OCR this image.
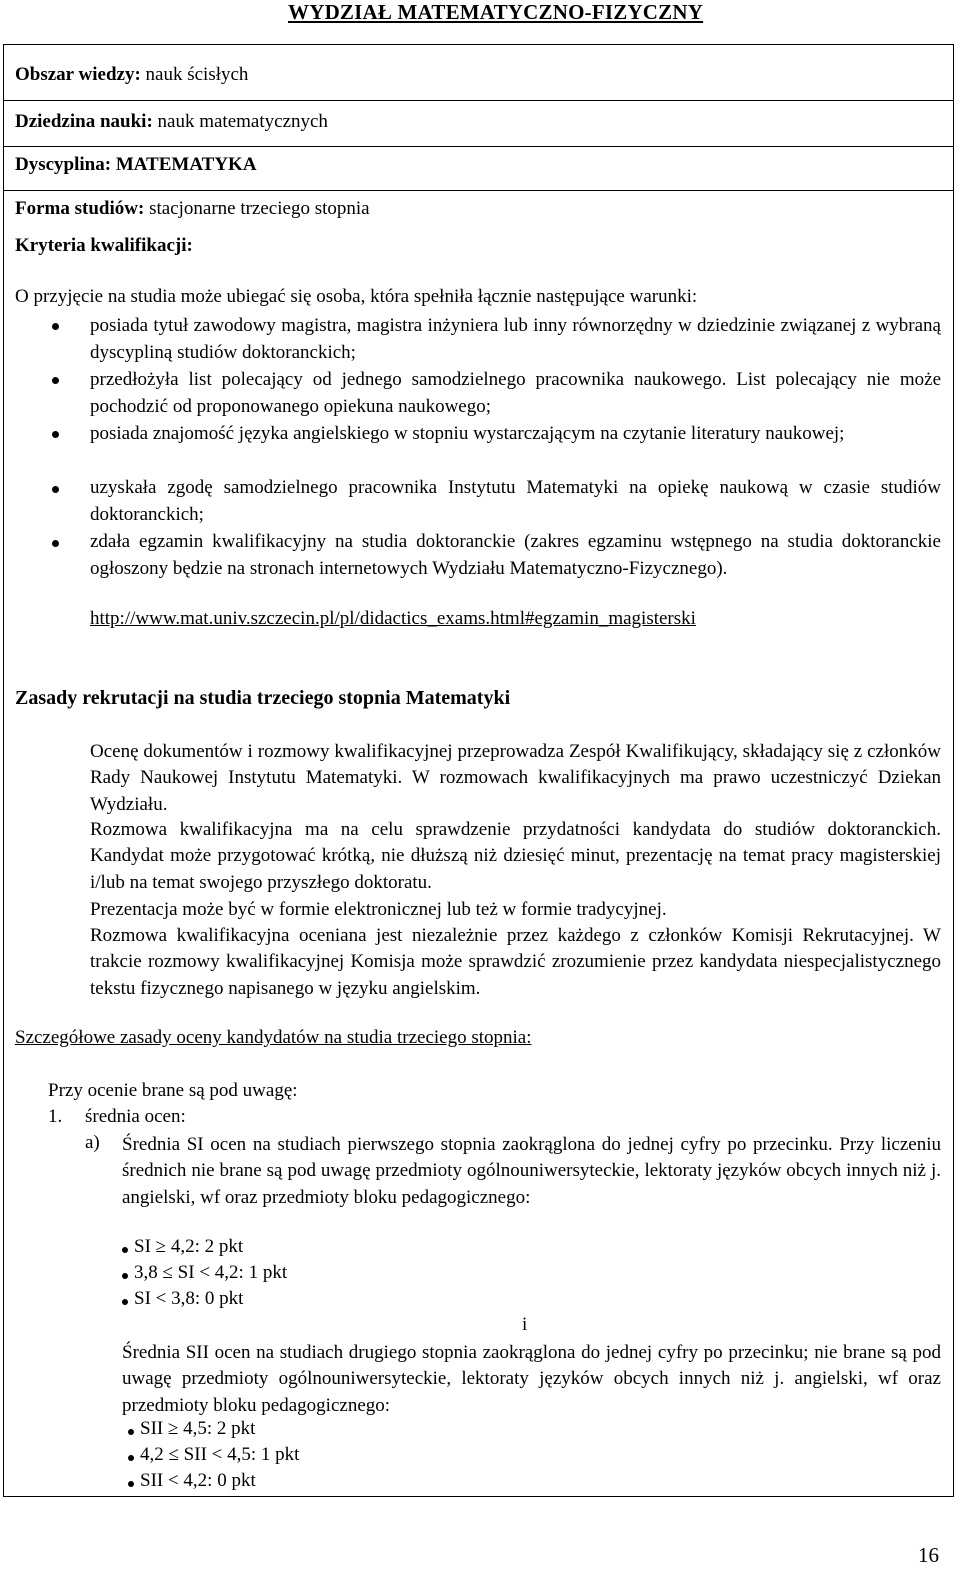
WYDZIAŁ MATEMATYCZNO-FIZYCZNY
Obszar wiedzy: nauk ścisłych
Dziedzina nauki: nauk matematycznych
Dyscyplina: MATEMATYKA
Forma studiów: stacjonarne trzeciego stopnia
Kryteria kwalifikacji:
O przyjęcie na studia może ubiegać się osoba, która spełniła łącznie następujące warunki:
posiada tytuł zawodowy magistra, magistra inżyniera lub inny równorzędny w dziedzinie związanej z wybraną dyscypliną studiów doktoranckich;
przedłożyła list polecający od jednego samodzielnego pracownika naukowego. List polecający nie może pochodzić od proponowanego opiekuna naukowego;
posiada znajomość języka angielskiego w stopniu wystarczającym na czytanie literatury naukowej;
uzyskała zgodę samodzielnego pracownika Instytutu Matematyki na opiekę naukową w czasie studiów doktoranckich;
zdała egzamin kwalifikacyjny na studia doktoranckie (zakres egzaminu wstępnego na studia doktoranckie ogłoszony będzie na stronach internetowych Wydziału Matematyczno-Fizycznego).
http://www.mat.univ.szczecin.pl/pl/didactics_exams.html#egzamin_magisterski
Zasady rekrutacji na studia trzeciego stopnia Matematyki
Ocenę dokumentów i rozmowy kwalifikacyjnej przeprowadza Zespół Kwalifikujący, składający się z członków Rady Naukowej Instytutu Matematyki. W rozmowach kwalifikacyjnych ma prawo uczestniczyć Dziekan Wydziału.
Rozmowa kwalifikacyjna ma na celu sprawdzenie przydatności kandydata do studiów doktoranckich. Kandydat może przygotować krótką, nie dłuższą niż dziesięć minut, prezentację na temat pracy magisterskiej i/lub na temat swojego przyszłego doktoratu.
Prezentacja może być w formie elektronicznej lub też w formie tradycyjnej.
Rozmowa kwalifikacyjna oceniana jest niezależnie przez każdego z członków Komisji Rekrutacyjnej. W trakcie rozmowy kwalifikacyjnej Komisja może sprawdzić zrozumienie przez kandydata niespecjalistycznego tekstu fizycznego napisanego w języku angielskim.
Szczegółowe zasady oceny kandydatów na studia trzeciego stopnia:
Przy ocenie brane są pod uwagę:
1. średnia ocen:
a) Średnia SI ocen na studiach pierwszego stopnia zaokrąglona do jednej cyfry po przecinku. Przy liczeniu średnich nie brane są pod uwagę przedmioty ogólnouniwersyteckie, lektoraty języków obcych innych niż j. angielski, wf oraz przedmioty bloku pedagogicznego:
SI ≥ 4,2: 2 pkt
3,8 ≤ SI < 4,2: 1 pkt
SI < 3,8: 0 pkt
i
Średnia SII ocen na studiach drugiego stopnia zaokrąglona do jednej cyfry po przecinku; nie brane są pod uwagę przedmioty ogólnouniwersyteckie, lektoraty języków obcych innych niż j. angielski, wf oraz przedmioty bloku pedagogicznego:
SII ≥ 4,5: 2 pkt
4,2 ≤ SII < 4,5: 1 pkt
SII < 4,2: 0 pkt
16
